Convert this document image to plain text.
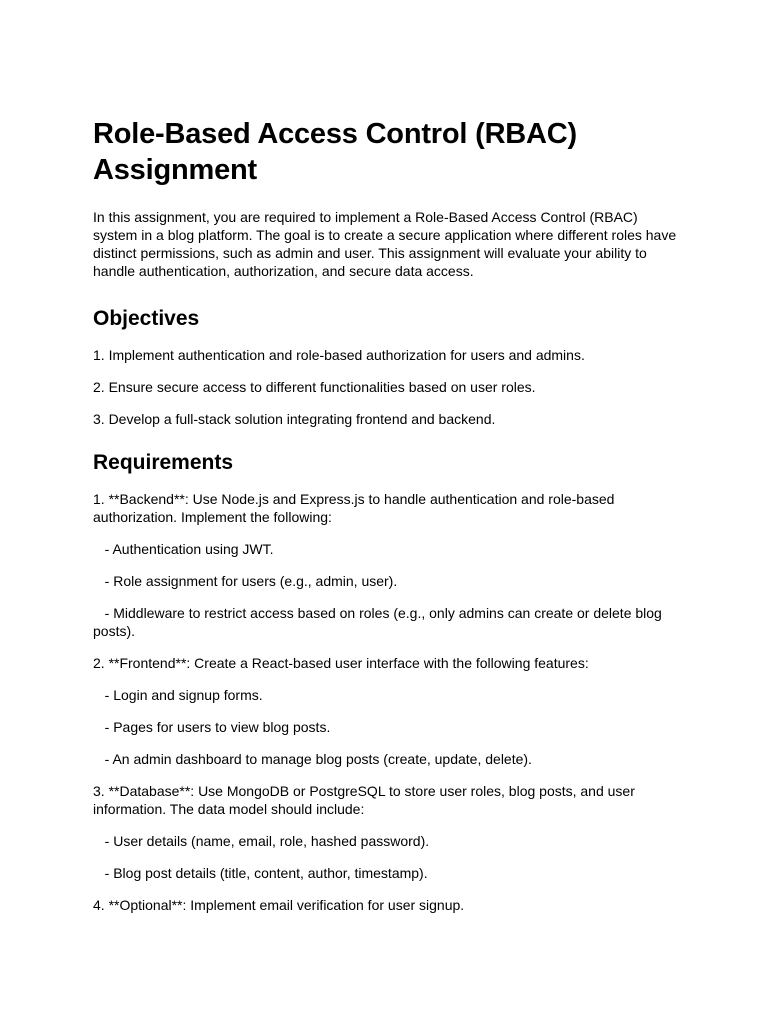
Role-Based Access Control (RBAC) Assignment

In this assignment, you are required to implement a Role-Based Access Control (RBAC) system in a blog platform. The goal is to create a secure application where different roles have distinct permissions, such as admin and user. This assignment will evaluate your ability to handle authentication, authorization, and secure data access.

Objectives

1. Implement authentication and role-based authorization for users and admins.

2. Ensure secure access to different functionalities based on user roles.

3. Develop a full-stack solution integrating frontend and backend.

Requirements

1. **Backend**: Use Node.js and Express.js to handle authentication and role-based authorization. Implement the following:

- Authentication using JWT.

- Role assignment for users (e.g., admin, user).

- Middleware to restrict access based on roles (e.g., only admins can create or delete blog posts).

2. **Frontend**: Create a React-based user interface with the following features:

- Login and signup forms.

- Pages for users to view blog posts.

- An admin dashboard to manage blog posts (create, update, delete).

3. **Database**: Use MongoDB or PostgreSQL to store user roles, blog posts, and user information. The data model should include:

- User details (name, email, role, hashed password).

- Blog post details (title, content, author, timestamp).

4. **Optional**: Implement email verification for user signup.
